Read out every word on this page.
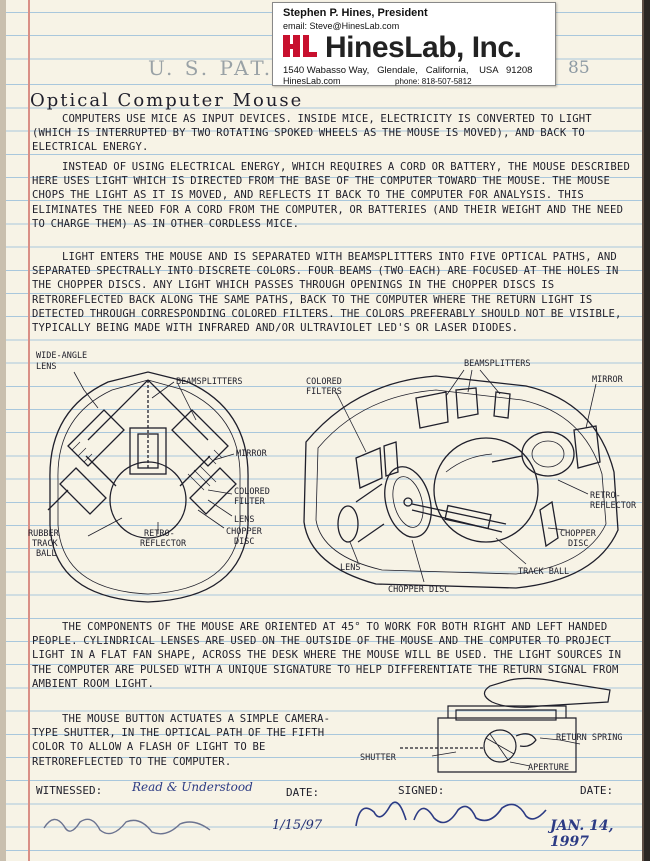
Stephen P. Hines, President
email: Steve@HinesLab.com
HinesLab, Inc.
1540 Wabasso Way,   Glendale,   California,    USA   91208
HinesLab.com	phone: 818-507-5812
U. S. PAT.	85
Optical Computer Mouse
COMPUTERS USE MICE AS INPUT DEVICES. INSIDE MICE, ELECTRICITY IS CONVERTED TO LIGHT (WHICH IS INTERRUPTED BY TWO ROTATING SPOKED WHEELS AS THE MOUSE IS MOVED), AND BACK TO ELECTRICAL ENERGY.
INSTEAD OF USING ELECTRICAL ENERGY, WHICH REQUIRES A CORD OR BATTERY, THE MOUSE DESCRIBED HERE USES LIGHT WHICH IS DIRECTED FROM THE BASE OF THE COMPUTER TOWARD THE MOUSE. THE MOUSE CHOPS THE LIGHT AS IT IS MOVED, AND REFLECTS IT BACK TO THE COMPUTER FOR ANALYSIS. THIS ELIMINATES THE NEED FOR A CORD FROM THE COMPUTER, OR BATTERIES (AND THEIR WEIGHT AND THE NEED TO CHARGE THEM) AS IN OTHER CORDLESS MICE.
LIGHT ENTERS THE MOUSE AND IS SEPARATED WITH BEAMSPLITTERS INTO FIVE OPTICAL PATHS, AND SEPARATED SPECTRALLY INTO DISCRETE COLORS. FOUR BEAMS (TWO EACH) ARE FOCUSED AT THE HOLES IN THE CHOPPER DISCS. ANY LIGHT WHICH PASSES THROUGH OPENINGS IN THE CHOPPER DISCS IS RETROREFLECTED BACK ALONG THE SAME PATHS, BACK TO THE COMPUTER WHERE THE RETURN LIGHT IS DETECTED THROUGH CORRESPONDING COLORED FILTERS. THE COLORS PREFERABLY SHOULD NOT BE VISIBLE, TYPICALLY BEING MADE WITH INFRARED AND/OR ULTRAVIOLET LED'S OR LASER DIODES.
WIDE-ANGLE
LENS
BEAMSPLITTERS
MIRROR
COLORED
FILTER
LENS
CHOPPER
DISC
RUBBER
TRACK
BALL
RETRO-
REFLECTOR
COLORED
FILTERS
BEAMSPLITTERS
MIRROR
RETRO-
REFLECTOR
CHOPPER
DISC
TRACK BALL
LENS
CHOPPER DISC
THE COMPONENTS OF THE MOUSE ARE ORIENTED AT 45° TO WORK FOR BOTH RIGHT AND LEFT HANDED PEOPLE. CYLINDRICAL LENSES ARE USED ON THE OUTSIDE OF THE MOUSE AND THE COMPUTER TO PROJECT LIGHT IN A FLAT FAN SHAPE, ACROSS THE DESK WHERE THE MOUSE WILL BE USED. THE LIGHT SOURCES IN THE COMPUTER ARE PULSED WITH A UNIQUE SIGNATURE TO HELP DIFFERENTIATE THE RETURN SIGNAL FROM AMBIENT ROOM LIGHT.
THE MOUSE BUTTON ACTUATES A SIMPLE CAMERA-TYPE SHUTTER, IN THE OPTICAL PATH OF THE FIFTH COLOR TO ALLOW A FLASH OF LIGHT TO BE RETROREFLECTED TO THE COMPUTER.
RETURN SPRING
SHUTTER
APERTURE
WITNESSED: Read & Understood	DATE:	SIGNED:	DATE:
1/15/97	JAN. 14, 1997
